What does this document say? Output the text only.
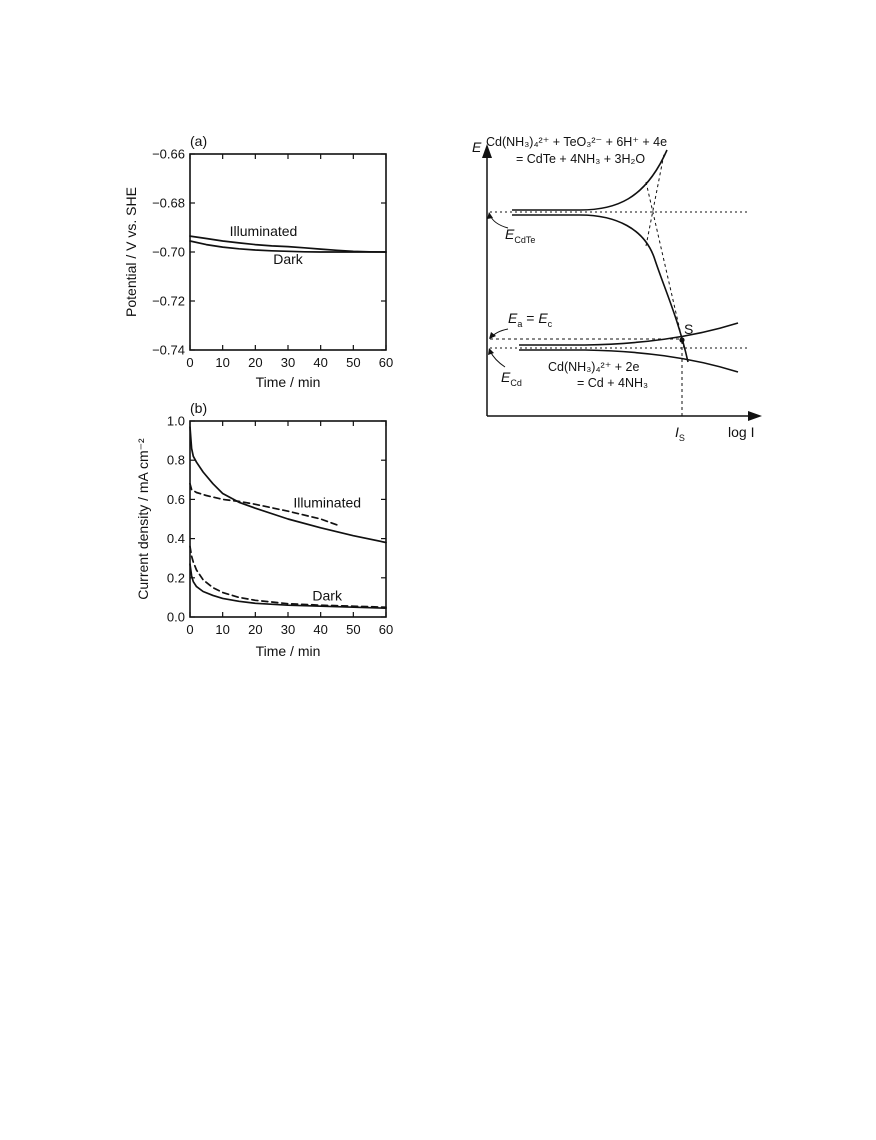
(a)
0 10 20 30 40 50 60
−0.74
−0.72
−0.70
−0.68
−0.66
Time / min
Potential / V vs. SHE	Illuminated
Dark
(b)
0 10 20 30 40 50 60
0.0
0.2
0.4
0.6
0.8
1.0
Time / min
Current density / mA cm⁻²	Illuminated
Dark
E
log I
Cd(NH₃)₄²⁺ + TeO₃²⁻ + 6H⁺ + 4e
= CdTe + 4NH₃ + 3H₂O
Cd(NH₃)₄²⁺ + 2e
= Cd + 4NH₃
$E_{CdTe}$
$E_a = E_c$
$E_{Cd}$
S
$I_S$
